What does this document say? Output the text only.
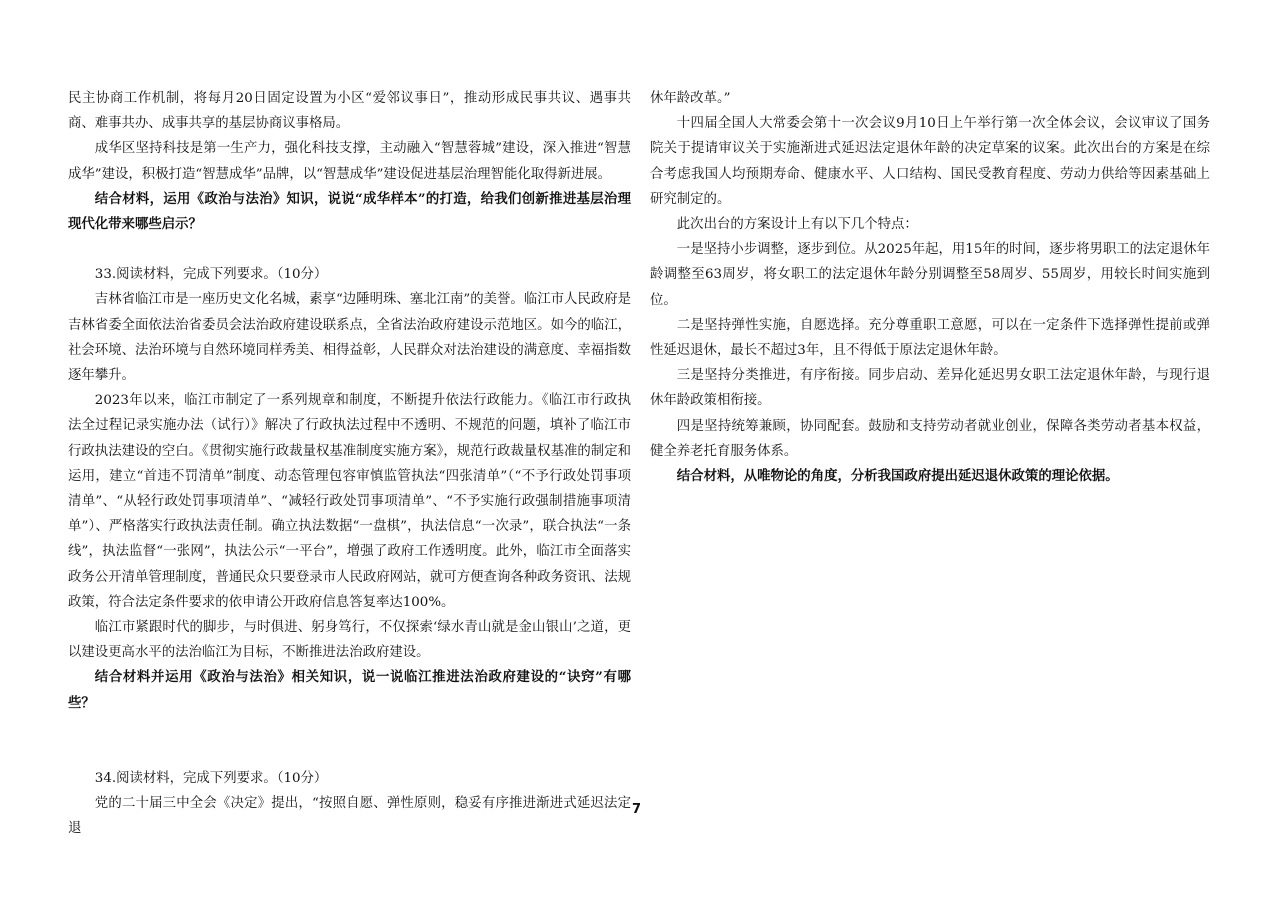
民主协商工作机制，将每月20日固定设置为小区“爱邻议事日”，推动形成民事共议、遇事共商、难事共办、成事共享的基层协商议事格局。

成华区坚持科技是第一生产力，强化科技支撑，主动融入“智慧蓉城”建设，深入推进“智慧成华”建设，积极打造“智慧成华”品牌，以“智慧成华”建设促进基层治理智能化取得新进展。

结合材料，运用《政治与法治》知识，说说“成华样本”的打造，给我们创新推进基层治理现代化带来哪些启示？

33.阅读材料，完成下列要求。（10分）

吉林省临江市是一座历史文化名城，素享“边陲明珠、塞北江南”的美誉。临江市人民政府是吉林省委全面依法治省委员会法治政府建设联系点，全省法治政府建设示范地区。如今的临江，社会环境、法治环境与自然环境同样秀美、相得益彰，人民群众对法治建设的满意度、幸福指数逐年攀升。

2023年以来，临江市制定了一系列规章和制度，不断提升依法行政能力。《临江市行政执法全过程记录实施办法（试行）》解决了行政执法过程中不透明、不规范的问题，填补了临江市行政执法建设的空白。《贯彻实施行政裁量权基准制度实施方案》，规范行政裁量权基准的制定和运用，建立“首违不罚清单”制度、动态管理包容审慎监管执法“四张清单”（“不予行政处罚事项清单”、“从轻行政处罚事项清单”、“减轻行政处罚事项清单”、“不予实施行政强制措施事项清单”）、严格落实行政执法责任制。确立执法数据“一盘棋”，执法信息“一次录”，联合执法“一条线”，执法监督“一张网”，执法公示“一平台”，增强了政府工作透明度。此外，临江市全面落实政务公开清单管理制度，普通民众只要登录市人民政府网站，就可方便查询各种政务资讯、法规政策，符合法定条件要求的依申请公开政府信息答复率达100%。

临江市紧跟时代的脚步，与时俱进、躬身笃行，不仅探索‘绿水青山就是金山银山’之道，更以建设更高水平的法治临江为目标，不断推进法治政府建设。

结合材料并运用《政治与法治》相关知识，说一说临江推进法治政府建设的“诀窍”有哪些？

34.阅读材料，完成下列要求。（10分）

党的二十届三中全会《决定》提出，“按照自愿、弹性原则，稳妥有序推进渐进式延迟法定退

休年龄改革。”

十四届全国人大常委会第十一次会议9月10日上午举行第一次全体会议，会议审议了国务院关于提请审议关于实施渐进式延迟法定退休年龄的决定草案的议案。此次出台的方案是在综合考虑我国人均预期寿命、健康水平、人口结构、国民受教育程度、劳动力供给等因素基础上研究制定的。

此次出台的方案设计上有以下几个特点：

一是坚持小步调整，逐步到位。从2025年起，用15年的时间，逐步将男职工的法定退休年龄调整至63周岁，将女职工的法定退休年龄分别调整至58周岁、55周岁，用较长时间实施到位。

二是坚持弹性实施，自愿选择。充分尊重职工意愿，可以在一定条件下选择弹性提前或弹性延迟退休，最长不超过3年，且不得低于原法定退休年龄。

三是坚持分类推进，有序衔接。同步启动、差异化延迟男女职工法定退休年龄，与现行退休年龄政策相衔接。

四是坚持统筹兼顾，协同配套。鼓励和支持劳动者就业创业，保障各类劳动者基本权益，健全养老托育服务体系。

结合材料，从唯物论的角度，分析我国政府提出延迟退休政策的理论依据。

7
